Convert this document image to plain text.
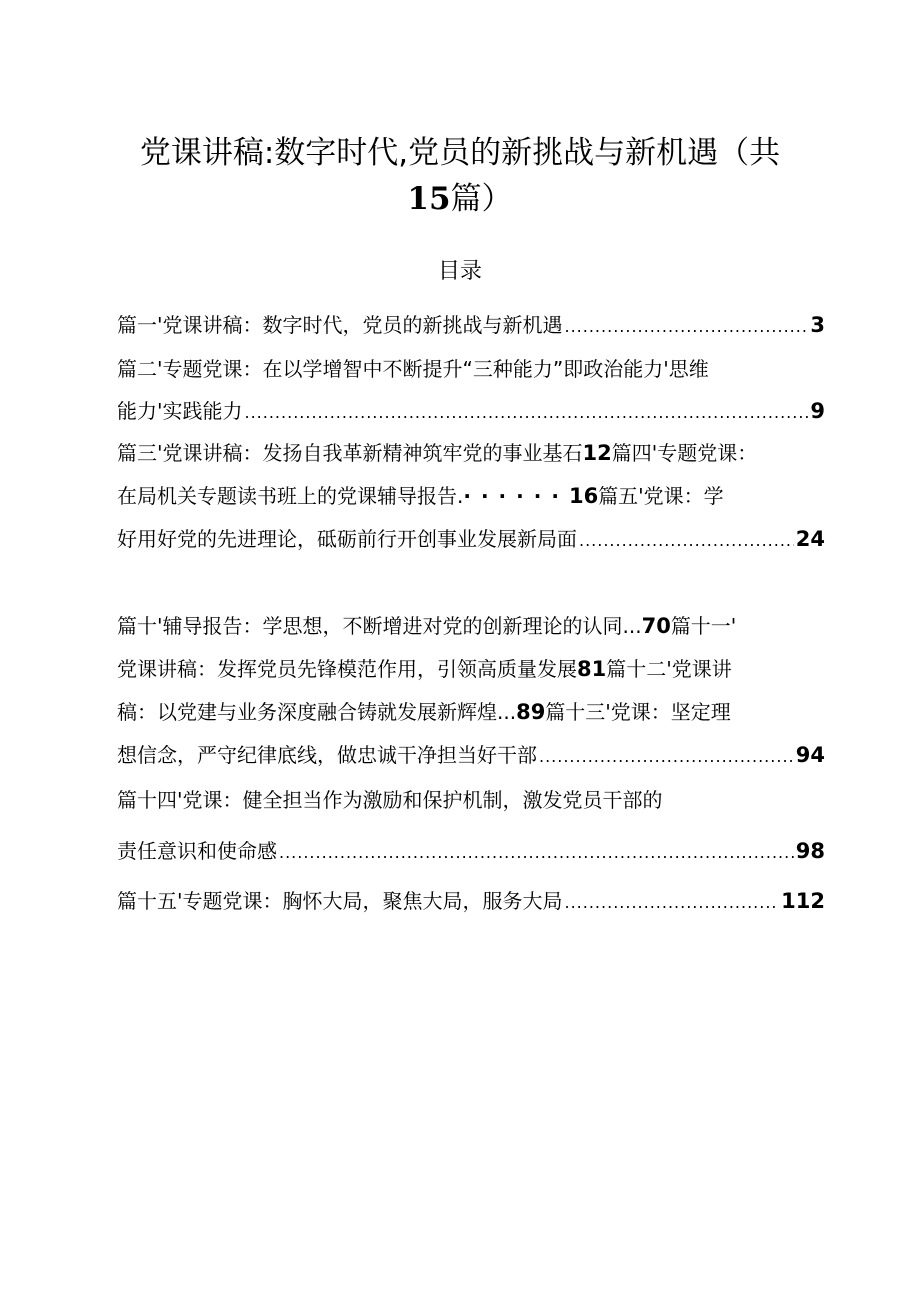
党课讲稿:数字时代,党员的新挑战与新机遇（共
15篇）
目录
篇一'党课讲稿：数字时代，党员的新挑战与新机遇 .....	3
篇二'专题党课：在以学增智中不断提升“三种能力”即政治能力'思维
能力'实践能力 .....	9
篇三'党课讲稿：发扬自我革新精神筑牢党的事业基石 12 篇四'专题党课：
在局机关专题读书班上的党课辅导报告. ······ 16 篇五'党课：学
好用好党的先进理论，砥砺前行开创事业发展新局面 .....	24
篇十'辅导报告：学思想，不断增进对党的创新理论的认同... 70 篇十一'
党课讲稿：发挥党员先锋模范作用，引领高质量发展 81 篇十二'党课讲
稿：以党建与业务深度融合铸就发展新辉煌... 89 篇十三'党课：坚定理
想信念，严守纪律底线，做忠诚干净担当好干部 .....	94
篇十四'党课：健全担当作为激励和保护机制，激发党员干部的
责任意识和使命感 .....	98
篇十五'专题党课：胸怀大局，聚焦大局，服务大局 .....	112
